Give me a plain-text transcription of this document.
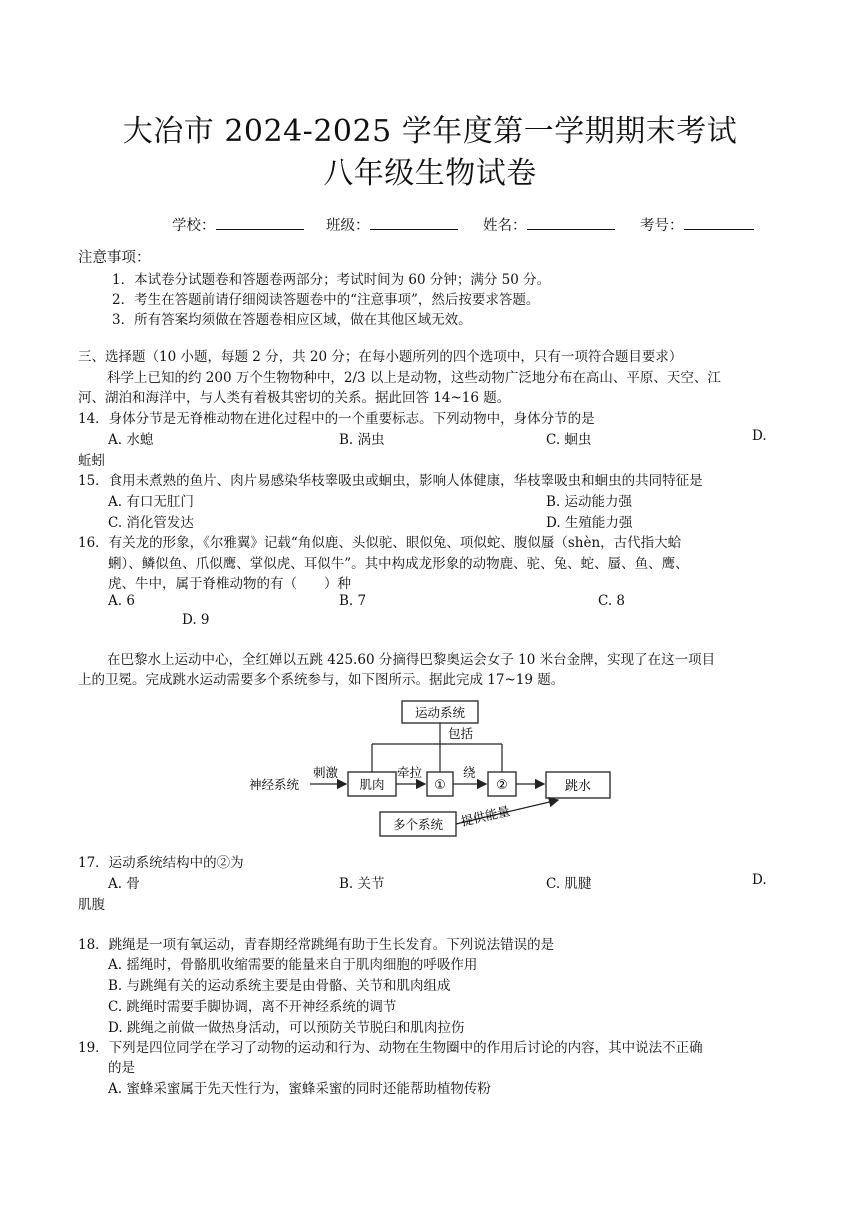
大冶市 2024-2025 学年度第一学期期末考试
八年级生物试卷
学校：	班级：	姓名：	考号：
注意事项：
1．本试卷分试题卷和答题卷两部分；考试时间为 60 分钟；满分 50 分。
2．考生在答题前请仔细阅读答题卷中的“注意事项”，然后按要求答题。
3．所有答案均须做在答题卷相应区域，做在其他区域无效。
三、选择题（10 小题，每题 2 分，共 20 分；在每小题所列的四个选项中，只有一项符合题目要求）
科学上已知的约 200 万个生物物种中，2/3 以上是动物，这些动物广泛地分布在高山、平原、天空、江
河、湖泊和海洋中，与人类有着极其密切的关系。据此回答 14~16 题。
14．身体分节是无脊椎动物在进化过程中的一个重要标志。下列动物中，身体分节的是
A. 水螅	B. 涡虫	C. 蛔虫	D.
蚯蚓
15．食用未煮熟的鱼片、肉片易感染华枝睾吸虫或蛔虫，影响人体健康，华枝睾吸虫和蛔虫的共同特征是
A. 有口无肛门	B. 运动能力强
C. 消化管发达	D. 生殖能力强
16．有关龙的形象，《尔雅翼》记载“角似鹿、头似驼、眼似兔、项似蛇、腹似蜃（shèn，古代指大蛤
蜊）、鳞似鱼、爪似鹰、掌似虎、耳似牛”。其中构成龙形象的动物鹿、驼、兔、蛇、蜃、鱼、鹰、
虎、牛中，属于脊椎动物的有（　　）种
A. 6	B. 7	C. 8
D. 9
在巴黎水上运动中心，全红婵以五跳 425.60 分摘得巴黎奥运会女子 10 米台金牌，实现了在这一项目
上的卫冕。完成跳水运动需要多个系统参与，如下图所示。据此完成 17~19 题。
运动系统
包括
神经系统
刺激
肌肉
牵拉
①
绕
②	跳水
多个系统 提供能量
17．运动系统结构中的②为
A. 骨	B. 关节	C. 肌腱	D.
肌腹
18．跳绳是一项有氧运动，青春期经常跳绳有助于生长发育。下列说法错误的是
A. 摇绳时，骨骼肌收缩需要的能量来自于肌肉细胞的呼吸作用
B. 与跳绳有关的运动系统主要是由骨骼、关节和肌肉组成
C. 跳绳时需要手脚协调，离不开神经系统的调节
D. 跳绳之前做一做热身活动，可以预防关节脱臼和肌肉拉伤
19．下列是四位同学在学习了动物的运动和行为、动物在生物圈中的作用后讨论的内容，其中说法不正确
的是
A. 蜜蜂采蜜属于先天性行为，蜜蜂采蜜的同时还能帮助植物传粉
